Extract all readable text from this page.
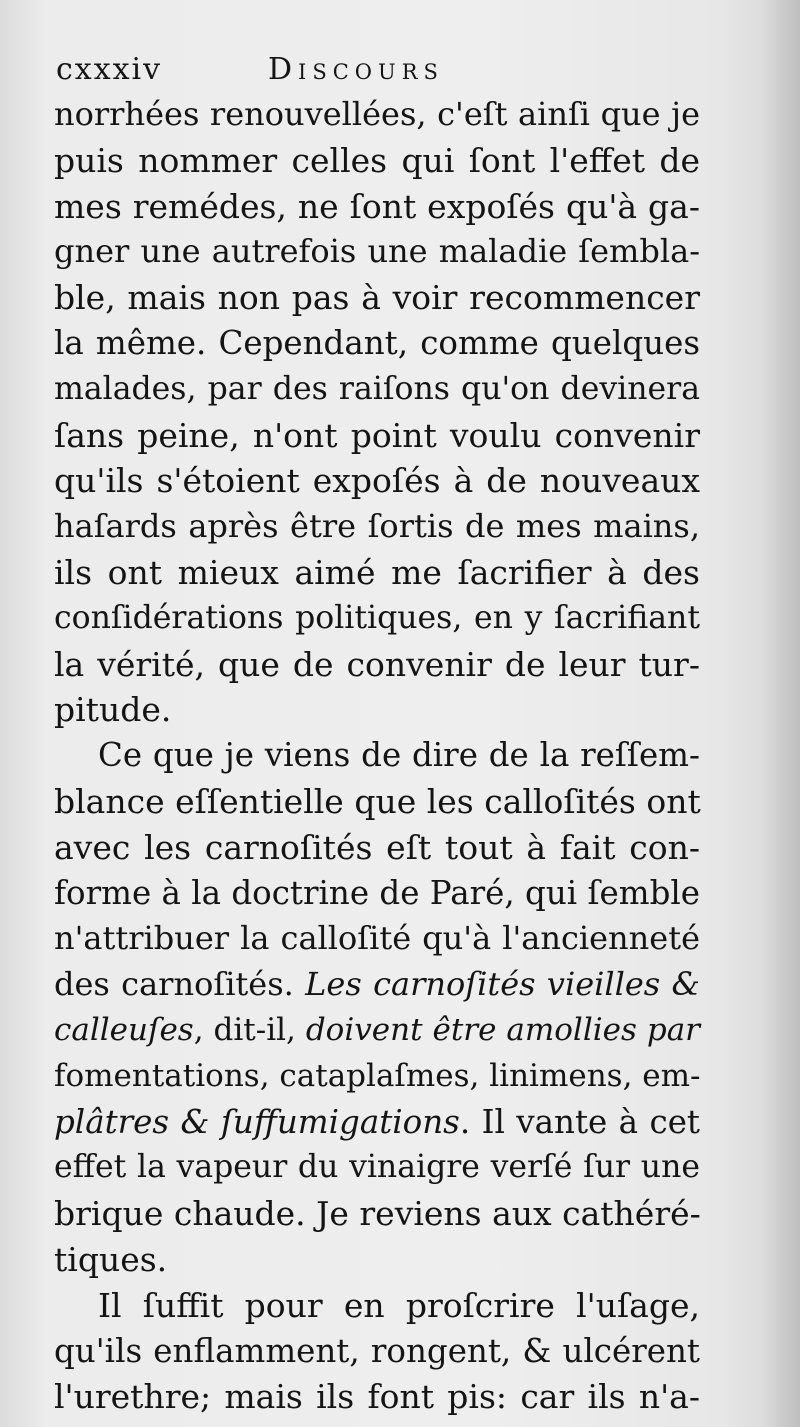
cxxxiv	Discours
norrhées renouvellées, c'eſt ainſi que je
puis nommer celles qui ſont l'effet de
mes remédes, ne ſont expoſés qu'à ga-
gner une autrefois une maladie ſembla-
ble, mais non pas à voir recommencer
la même. Cependant, comme quelques
malades, par des raiſons qu'on devinera
ſans peine, n'ont point voulu convenir
qu'ils s'étoient expoſés à de nouveaux
haſards après être ſortis de mes mains,
ils ont mieux aimé me ſacrifier à des
conſidérations politiques, en y ſacrifiant
la vérité, que de convenir de leur tur-
pitude.
Ce que je viens de dire de la reſſem-
blance eſſentielle que les calloſités ont
avec les carnoſités eſt tout à fait con-
forme à la doctrine de Paré, qui ſemble
n'attribuer la calloſité qu'à l'ancienneté
des carnoſités. Les carnoſités vieilles &
calleuſes, dit-il, doivent être amollies par
fomentations, cataplaſmes, linimens, em-
plâtres & ſuffumigations. Il vante à cet
effet la vapeur du vinaigre verſé ſur une
brique chaude. Je reviens aux cathéré-
tiques.
Il ſuffit pour en proſcrire l'uſage,
qu'ils enflamment, rongent, & ulcérent
l'urethre; mais ils font pis: car ils n'a-
